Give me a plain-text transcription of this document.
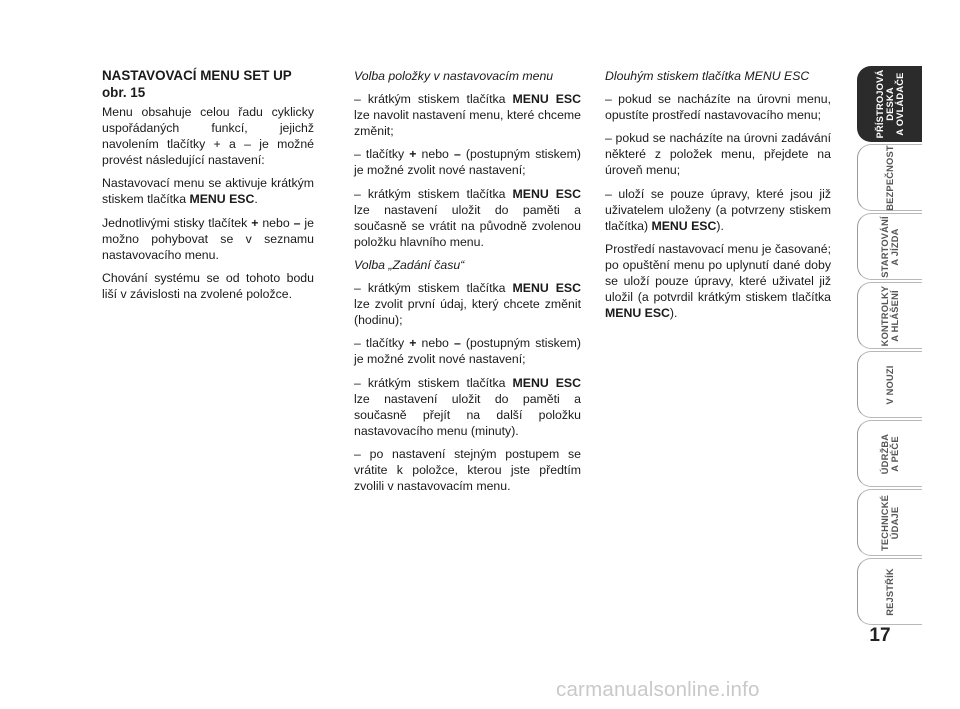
NASTAVOVACÍ MENU SET UP
obr. 15

Menu obsahuje celou řadu cyklicky uspořádaných funkcí, jejichž navolením tlačítky + a – je možné provést následující nastavení:

Nastavovací menu se aktivuje krátkým stiskem tlačítka MENU ESC.

Jednotlivými stisky tlačítek + nebo – je možno pohybovat se v seznamu nastavovacího menu.

Chování systému se od tohoto bodu liší v závislosti na zvolené položce.

Volba položky v nastavovacím menu

– krátkým stiskem tlačítka MENU ESC lze navolit nastavení menu, které chceme změnit;

– tlačítky + nebo – (postupným stiskem) je možné zvolit nové nastavení;

– krátkým stiskem tlačítka MENU ESC lze nastavení uložit do paměti a současně se vrátit na původně zvolenou položku hlavního menu.

Volba „Zadání času“

– krátkým stiskem tlačítka MENU ESC lze zvolit první údaj, který chcete změnit (hodinu);

– tlačítky + nebo – (postupným stiskem) je možné zvolit nové nastavení;

– krátkým stiskem tlačítka MENU ESC lze nastavení uložit do paměti a současně přejít na další položku nastavovacího menu (minuty).

– po nastavení stejným postupem se vrátite k položce, kterou jste předtím zvolili v nastavovacím menu.

Dlouhým stiskem tlačítka MENU ESC

– pokud se nacházíte na úrovni menu, opustíte prostředí nastavovacího menu;

– pokud se nacházíte na úrovni zadávání některé z položek menu, přejdete na úroveň menu;

– uloží se pouze úpravy, které jsou již uživatelem uloženy (a potvrzeny stiskem tlačítka) MENU ESC).

Prostředí nastavovací menu je časované; po opuštění menu po uplynutí dané doby se uloží pouze úpravy, které uživatel již uložil (a potvrdil krátkým stiskem tlačítka MENU ESC).

PŘÍSTROJOVÁ
DESKA
A OVLÁDAČE
BEZPEČNOST
STARTOVÁNÍ
A JÍZDA
KONTROLKY
A HLÁŠENÍ
V NOUZI
ÚDRŽBA
A PÉČE
TECHNICKÉ
ÚDAJE
REJSTŘÍK
17
carmanualsonline.info
